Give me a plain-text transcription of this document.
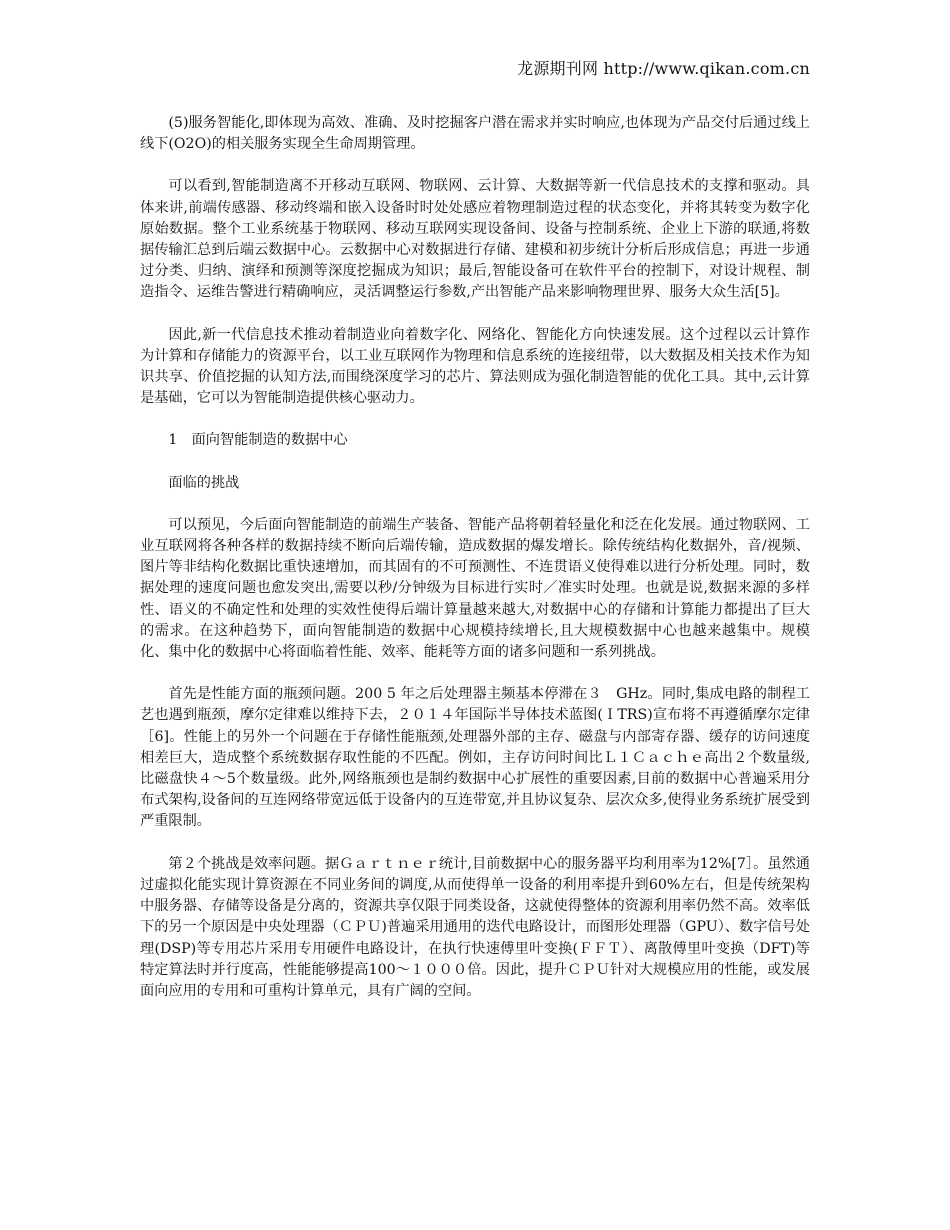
龙源期刊网 http://www.qikan.com.cn

(5)服务智能化,即体现为高效、准确、及时挖掘客户潜在需求并实时响应,也体现为产品交付后通过线上线下(O2O)的相关服务实现全生命周期管理。

可以看到,智能制造离不开移动互联网、物联网、云计算、大数据等新一代信息技术的支撑和驱动。具体来讲,前端传感器、移动终端和嵌入设备时时处处感应着物理制造过程的状态变化，并将其转变为数字化原始数据。整个工业系统基于物联网、移动互联网实现设备间、设备与控制系统、企业上下游的联通,将数据传输汇总到后端云数据中心。云数据中心对数据进行存储、建模和初步统计分析后形成信息；再进一步通过分类、归纳、演绎和预测等深度挖掘成为知识；最后,智能设备可在软件平台的控制下，对设计规程、制造指令、运维告警进行精确响应，灵活调整运行参数,产出智能产品来影响物理世界、服务大众生活[5]。

因此,新一代信息技术推动着制造业向着数字化、网络化、智能化方向快速发展。这个过程以云计算作为计算和存储能力的资源平台，以工业互联网作为物理和信息系统的连接纽带，以大数据及相关技术作为知识共享、价值挖掘的认知方法,而围绕深度学习的芯片、算法则成为强化制造智能的优化工具。其中,云计算是基础，它可以为智能制造提供核心驱动力。

1　面向智能制造的数据中心

面临的挑战

可以预见，今后面向智能制造的前端生产装备、智能产品将朝着轻量化和泛在化发展。通过物联网、工业互联网将各种各样的数据持续不断向后端传输，造成数据的爆发增长。除传统结构化数据外，音/视频、图片等非结构化数据比重快速增加，而其固有的不可预测性、不连贯语义使得难以进行分析处理。同时，数据处理的速度问题也愈发突出,需要以秒/分钟级为目标进行实时／准实时处理。也就是说,数据来源的多样性、语义的不确定性和处理的实效性使得后端计算量越来越大,对数据中心的存储和计算能力都提出了巨大的需求。在这种趋势下，面向智能制造的数据中心规模持续增长,且大规模数据中心也越来越集中。规模化、集中化的数据中心将面临着性能、效率、能耗等方面的诸多问题和一系列挑战。

首先是性能方面的瓶颈问题。200 5 年之后处理器主频基本停滞在３　GHz。同时,集成电路的制程工艺也遇到瓶颈，摩尔定律难以维持下去，２０１４年国际半导体技术蓝图(ＩTRS)宣布将不再遵循摩尔定律［6]。性能上的另外一个问题在于存储性能瓶颈,处理器外部的主存、磁盘与内部寄存器、缓存的访问速度相差巨大，造成整个系统数据存取性能的不匹配。例如，主存访问时间比Ｌ１Ｃａｃｈｅ高出２个数量级,比磁盘快４～5个数量级。此外,网络瓶颈也是制约数据中心扩展性的重要因素,目前的数据中心普遍采用分布式架构,设备间的互连网络带宽远低于设备内的互连带宽,并且协议复杂、层次众多,使得业务系统扩展受到严重限制。

第２个挑战是效率问题。据Ｇａｒｔｎｅｒ统计,目前数据中心的服务器平均利用率为12%[7］。虽然通过虚拟化能实现计算资源在不同业务间的调度,从而使得单一设备的利用率提升到60%左右，但是传统架构中服务器、存储等设备是分离的，资源共享仅限于同类设备，这就使得整体的资源利用率仍然不高。效率低下的另一个原因是中央处理器（ＣＰＵ)普遍采用通用的迭代电路设计，而图形处理器（GPU）、数字信号处理(DSP)等专用芯片采用专用硬件电路设计，在执行快速傅里叶变换(ＦＦＴ）、离散傅里叶变换（DFT)等特定算法时并行度高，性能能够提高100～１０００倍。因此，提升ＣＰＵ针对大规模应用的性能，或发展面向应用的专用和可重构计算单元，具有广阔的空间。
